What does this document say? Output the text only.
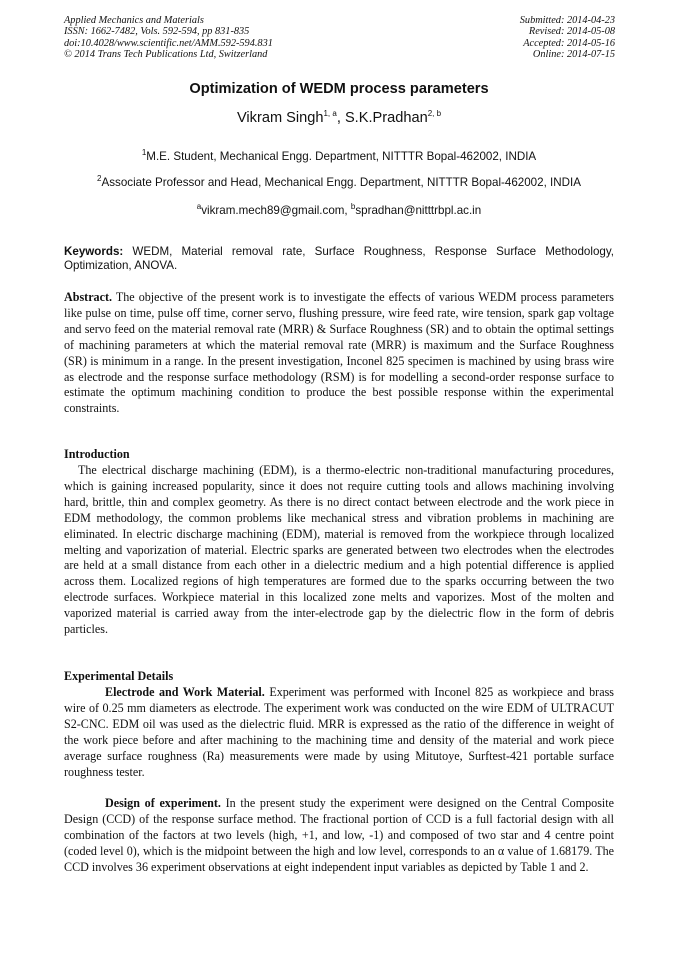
Applied Mechanics and Materials
ISSN: 1662-7482, Vols. 592-594, pp 831-835
doi:10.4028/www.scientific.net/AMM.592-594.831
© 2014 Trans Tech Publications Ltd, Switzerland
Submitted: 2014-04-23
Revised: 2014-05-08
Accepted: 2014-05-16
Online: 2014-07-15
Optimization of WEDM process parameters
Vikram Singh$^{1, a}$, S.K.Pradhan$^{2, b}$
$^1$M.E. Student, Mechanical Engg. Department, NITTTR Bopal-462002, INDIA
$^2$Associate Professor and Head, Mechanical Engg. Department, NITTTR Bopal-462002, INDIA
$^a$vikram.mech89@gmail.com, $^b$spradhan@nitttrbpl.ac.in
Keywords: WEDM, Material removal rate, Surface Roughness, Response Surface Methodology, Optimization, ANOVA.
Abstract. The objective of the present work is to investigate the effects of various WEDM process parameters like pulse on time, pulse off time, corner servo, flushing pressure, wire feed rate, wire tension, spark gap voltage and servo feed on the material removal rate (MRR) & Surface Roughness (SR) and to obtain the optimal settings of machining parameters at which the material removal rate (MRR) is maximum and the Surface Roughness (SR) is minimum in a range. In the present investigation, Inconel 825 specimen is machined by using brass wire as electrode and the response surface methodology (RSM) is for modelling a second-order response surface to estimate the optimum machining condition to produce the best possible response within the experimental constraints.
Introduction
The electrical discharge machining (EDM), is a thermo-electric non-traditional manufacturing procedures, which is gaining increased popularity, since it does not require cutting tools and allows machining involving hard, brittle, thin and complex geometry. As there is no direct contact between electrode and the work piece in EDM methodology, the common problems like mechanical stress and vibration problems in machining are eliminated. In electric discharge machining (EDM), material is removed from the workpiece through localized melting and vaporization of material. Electric sparks are generated between two electrodes when the electrodes are held at a small distance from each other in a dielectric medium and a high potential difference is applied across them. Localized regions of high temperatures are formed due to the sparks occurring between the two electrode surfaces. Workpiece material in this localized zone melts and vaporizes. Most of the molten and vaporized material is carried away from the inter-electrode gap by the dielectric flow in the form of debris particles.
Experimental Details
Electrode and Work Material. Experiment was performed with Inconel 825 as workpiece and brass wire of 0.25 mm diameters as electrode. The experiment work was conducted on the wire EDM of ULTRACUT S2-CNC. EDM oil was used as the dielectric fluid. MRR is expressed as the ratio of the difference in weight of the work piece before and after machining to the machining time and density of the material and work piece average surface roughness (Ra) measurements were made by using Mitutoye, Surftest-421 portable surface roughness tester.
Design of experiment. In the present study the experiment were designed on the Central Composite Design (CCD) of the response surface method. The fractional portion of CCD is a full factorial design with all combination of the factors at two levels (high, +1, and low, -1) and composed of two star and 4 centre point (coded level 0), which is the midpoint between the high and low level, corresponds to an α value of 1.68179. The CCD involves 36 experiment observations at eight independent input variables as depicted by Table 1 and 2.
